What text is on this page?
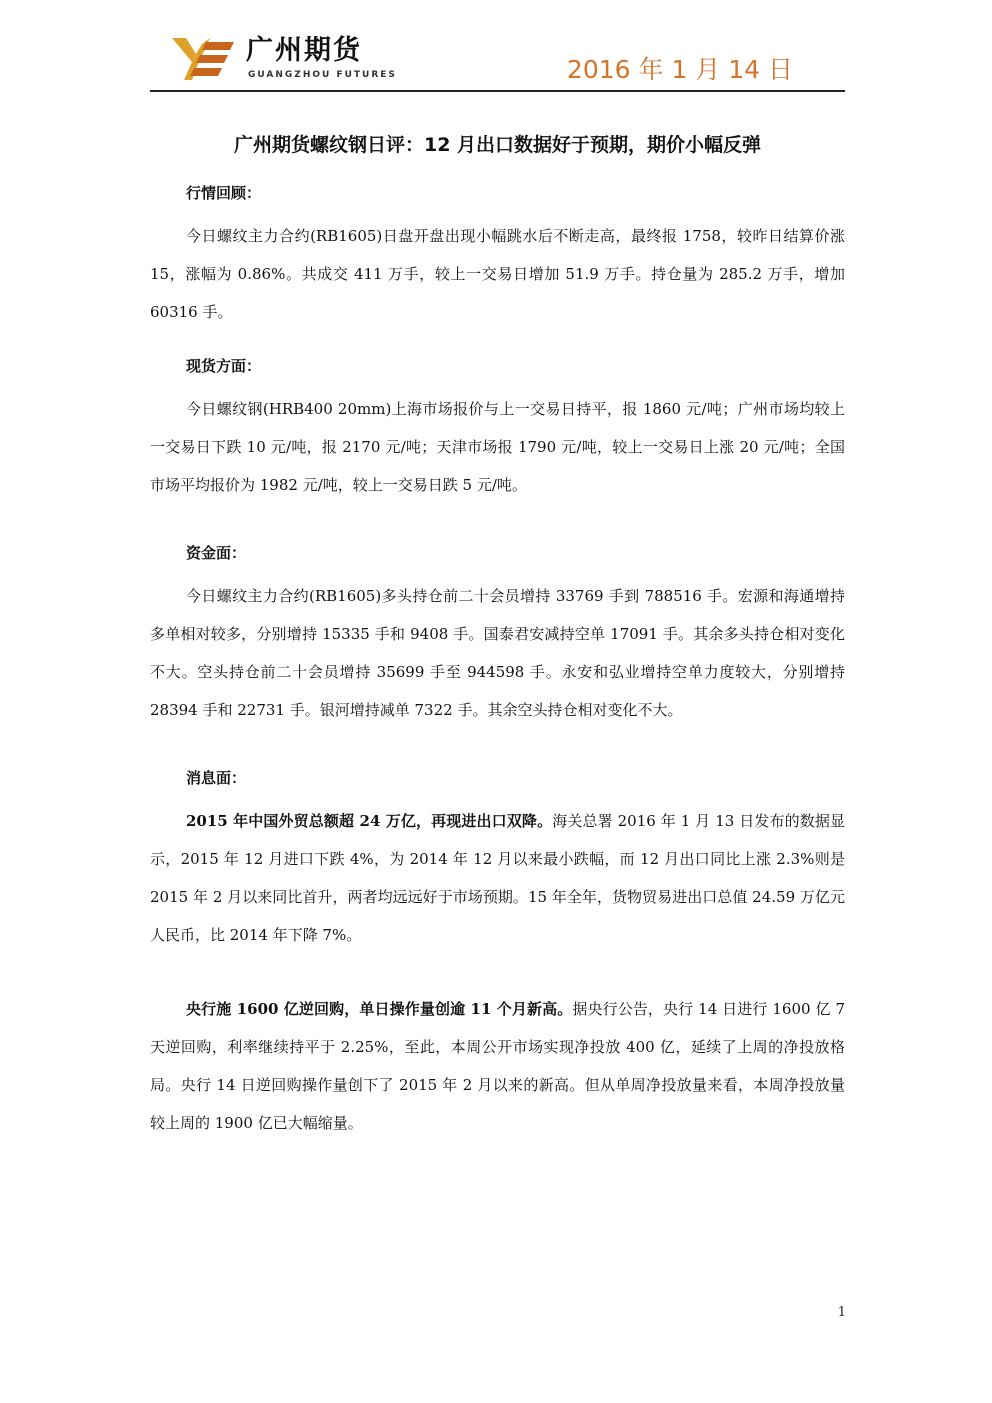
广州期货
GUANGZHOU FUTURES	2016 年 1 月 14 日
广州期货螺纹钢日评：12 月出口数据好于预期，期价小幅反弹
行情回顾：

今日螺纹主力合约(RB1605)日盘开盘出现小幅跳水后不断走高，最终报 1758，较昨日结算价涨 15，涨幅为 0.86%。共成交 411 万手，较上一交易日增加 51.9 万手。持仓量为 285.2 万手，增加 60316 手。

现货方面：

今日螺纹钢(HRB400 20mm)上海市场报价与上一交易日持平，报 1860 元/吨；广州市场均较上一交易日下跌 10 元/吨，报 2170 元/吨；天津市场报 1790 元/吨，较上一交易日上涨 20 元/吨；全国市场平均报价为 1982 元/吨，较上一交易日跌 5 元/吨。

资金面：

今日螺纹主力合约(RB1605)多头持仓前二十会员增持 33769 手到 788516 手。宏源和海通增持多单相对较多，分别增持 15335 手和 9408 手。国泰君安减持空单 17091 手。其余多头持仓相对变化不大。空头持仓前二十会员增持 35699 手至 944598 手。永安和弘业增持空单力度较大，分别增持 28394 手和 22731 手。银河增持减单 7322 手。其余空头持仓相对变化不大。

消息面：

2015 年中国外贸总额超 24 万亿，再现进出口双降。海关总署 2016 年 1 月 13 日发布的数据显示，2015 年 12 月进口下跌 4%，为 2014 年 12 月以来最小跌幅，而 12 月出口同比上涨 2.3%则是 2015 年 2 月以来同比首升，两者均远远好于市场预期。15 年全年，货物贸易进出口总值 24.59 万亿元人民币，比 2014 年下降 7%。

央行施 1600 亿逆回购，单日操作量创逾 11 个月新高。据央行公告，央行 14 日进行 1600 亿 7 天逆回购，利率继续持平于 2.25%，至此，本周公开市场实现净投放 400 亿，延续了上周的净投放格局。央行 14 日逆回购操作量创下了 2015 年 2 月以来的新高。但从单周净投放量来看，本周净投放量较上周的 1900 亿已大幅缩量。

1
